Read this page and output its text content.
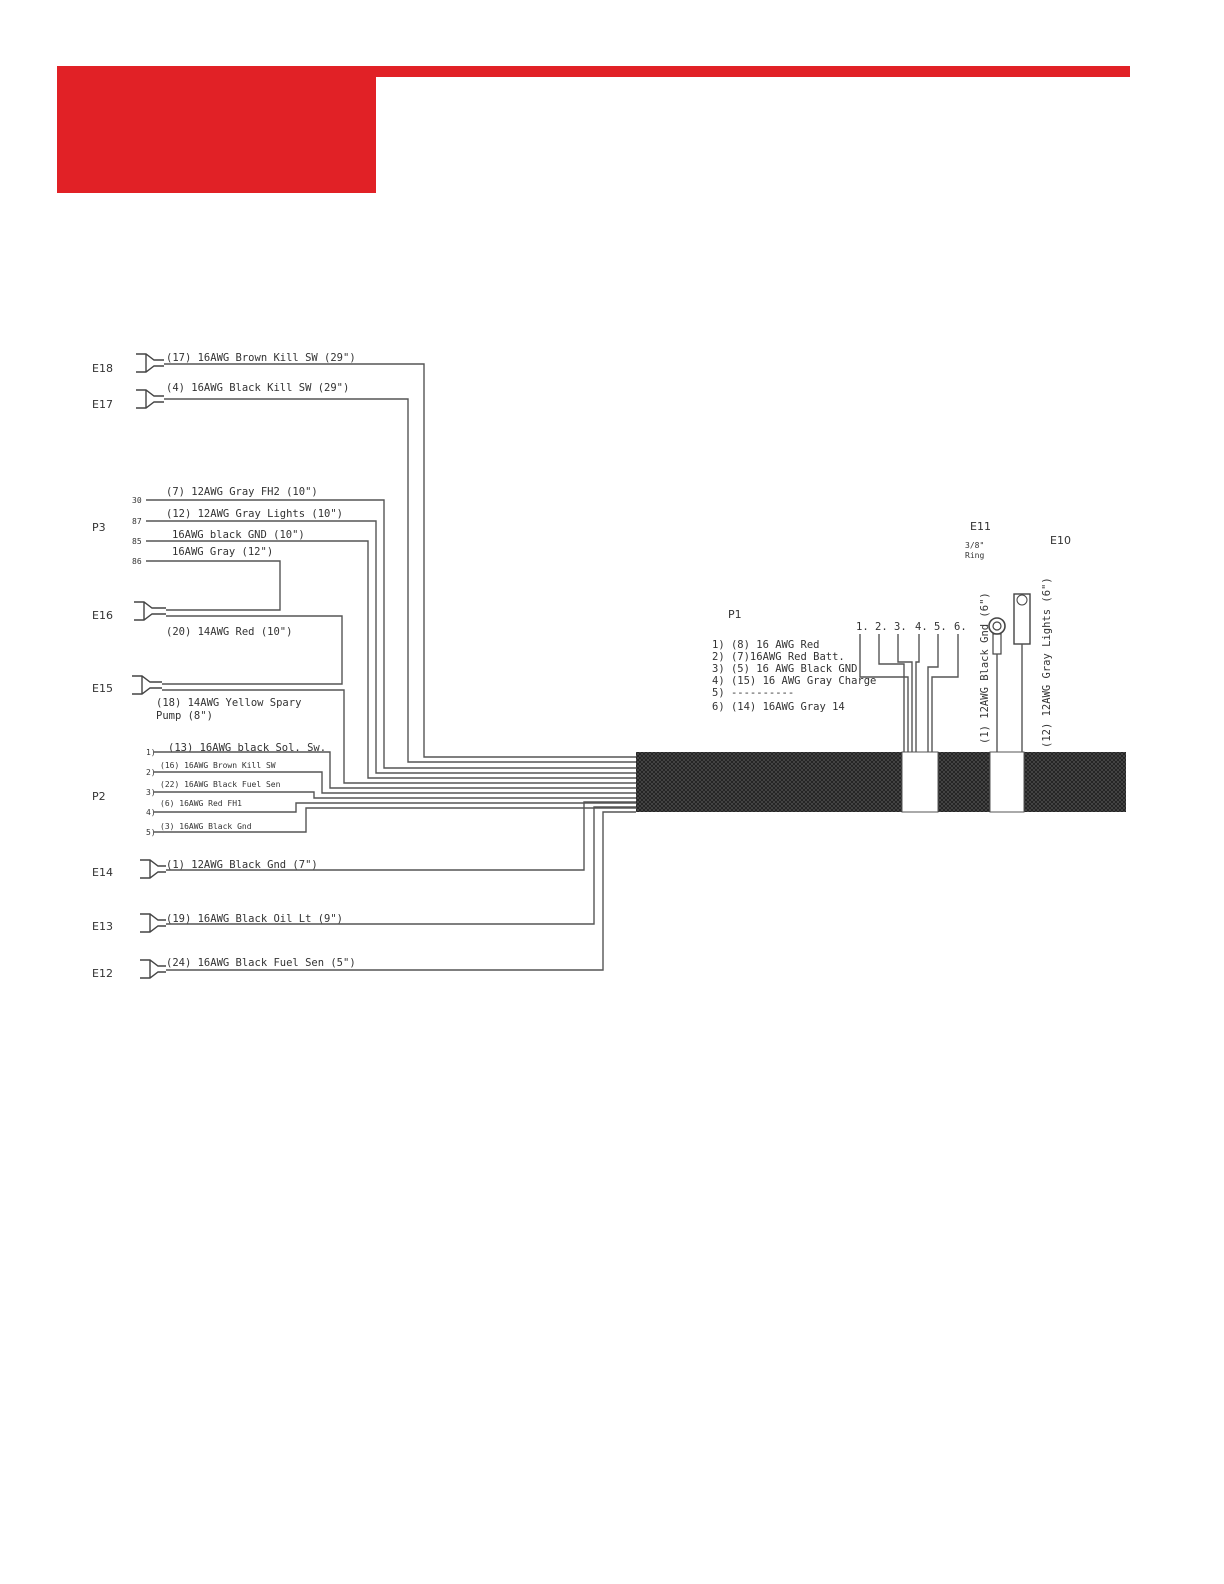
E18
(17) 16AWG Brown Kill SW (29")
E17
(4) 16AWG Black Kill SW (29")
P3
30
87
85
86
(7) 12AWG Gray FH2 (10")
(12) 12AWG Gray Lights (10")
16AWG black GND (10")
16AWG Gray (12")
E16
(20) 14AWG Red (10")
E15
(18) 14AWG Yellow Spary
Pump (8")
P2
1)
2)
3)
4)
5)
(13) 16AWG black Sol. Sw.
(16) 16AWG Brown Kill SW
(22) 16AWG Black Fuel Sen
(6) 16AWG Red FH1
(3) 16AWG Black Gnd
E14
(1) 12AWG Black Gnd (7")
E13
(19) 16AWG Black Oil Lt (9")
E12
(24) 16AWG Black Fuel Sen (5")
P1
1. 2. 3. 4. 5. 6.
1) (8) 16 AWG Red
2) (7)16AWG Red Batt.
3) (5) 16 AWG Black GND
4) (15) 16 AWG Gray Charge
5) ----------
6) (14) 16AWG Gray 14
E11
3/8"
Ring
(1) 12AWG Black Gnd (6")
E10
(12) 12AWG Gray Lights (6")
